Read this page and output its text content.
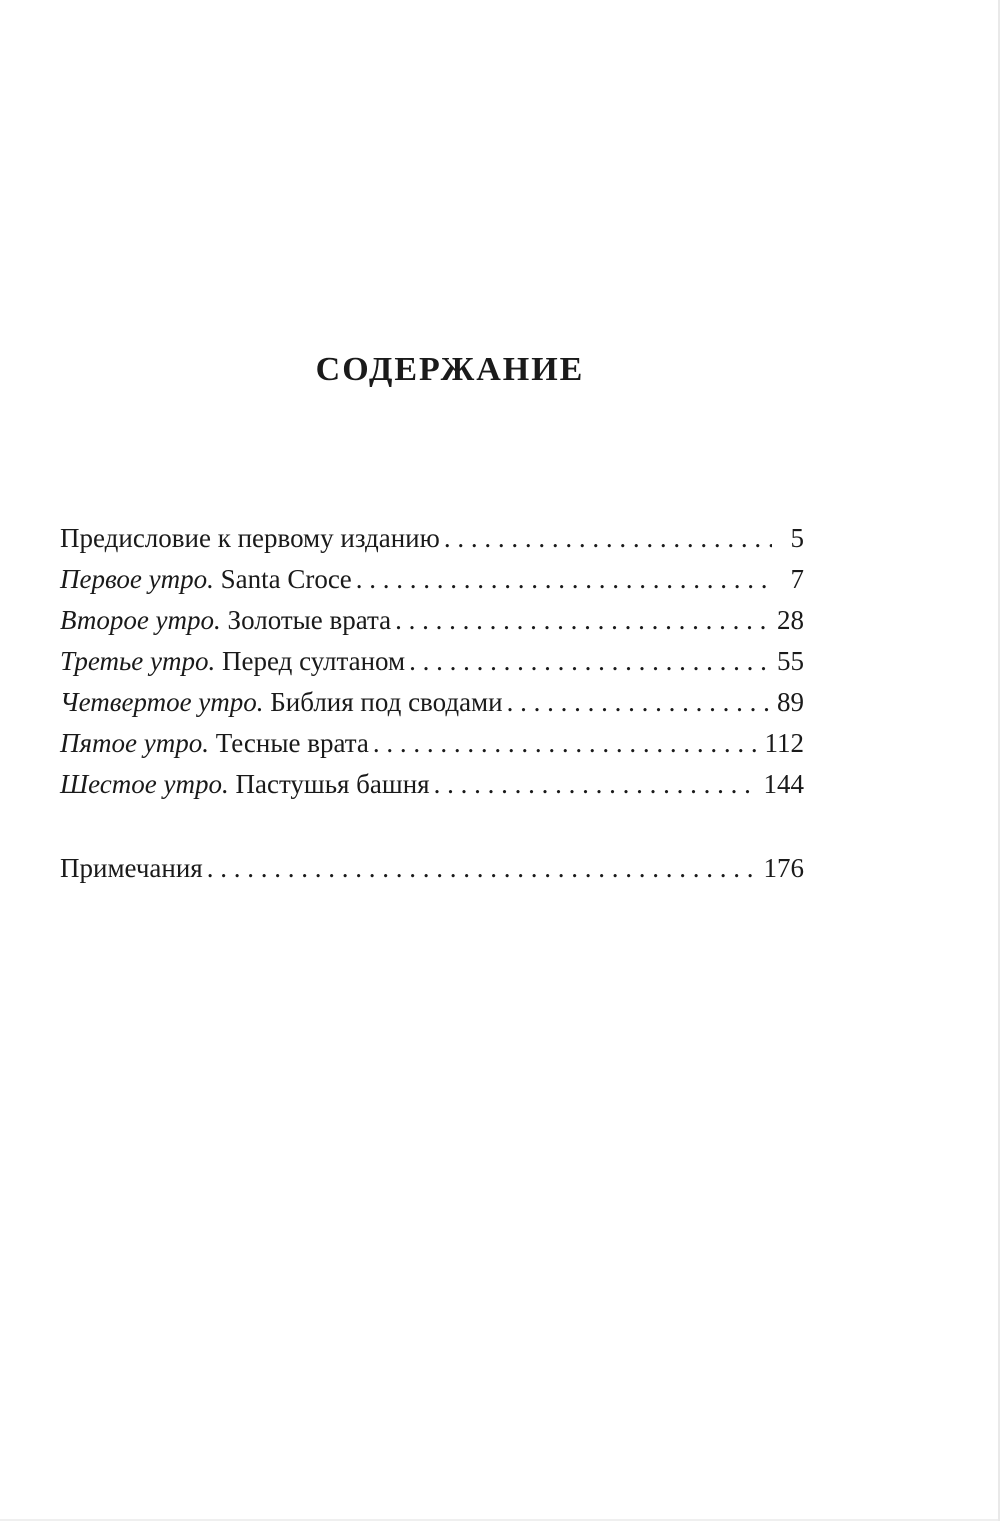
СОДЕРЖАНИЕ
Предисловие к первому изданию . . .	5
Первое утро. Santa Croce . . .	7
Второе утро. Золотые врата . . .	28
Третье утро. Перед султаном . . .	55
Четвертое утро. Библия под сводами . . .	89
Пятое утро. Тесные врата . . .	112
Шестое утро. Пастушья башня . . .	144
Примечания . . .	176
